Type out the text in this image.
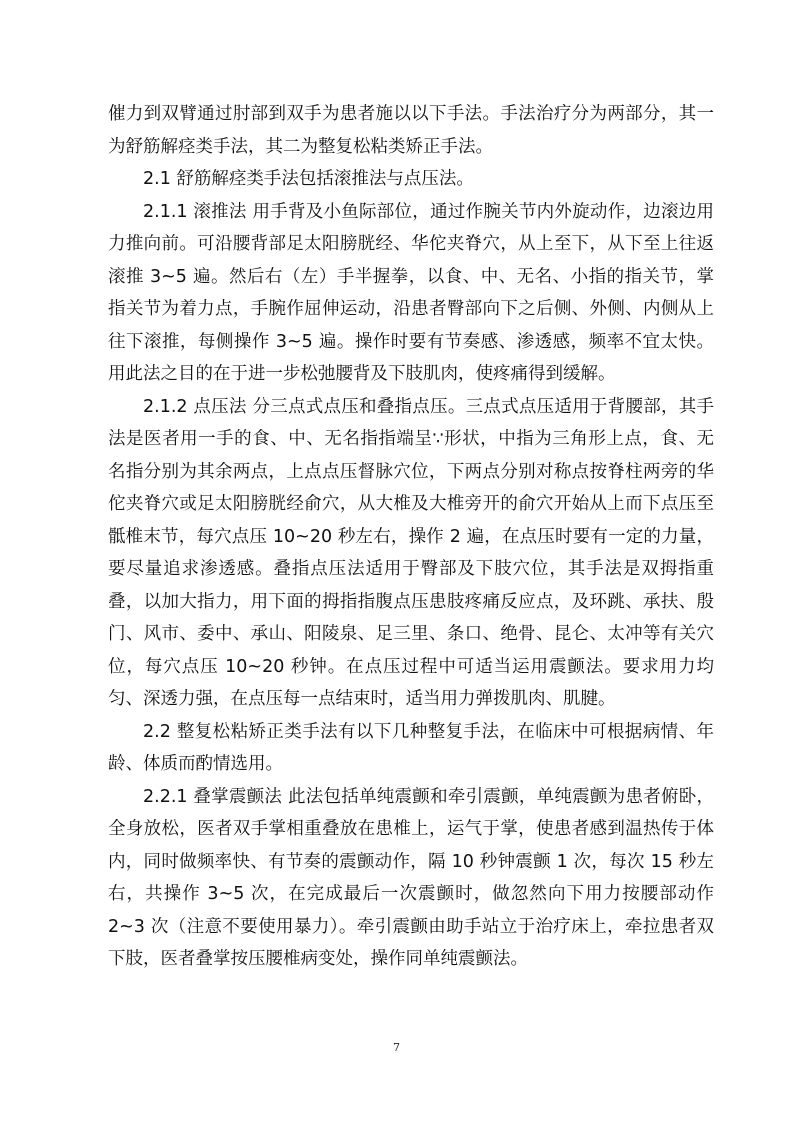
催力到双臂通过肘部到双手为患者施以以下手法。手法治疗分为两部分，其一为舒筋解痉类手法，其二为整复松粘类矫正手法。

2.1 舒筋解痉类手法包括滚推法与点压法。

2.1.1 滚推法 用手背及小鱼际部位，通过作腕关节内外旋动作，边滚边用力推向前。可沿腰背部足太阳膀胱经、华佗夹脊穴，从上至下，从下至上往返滚推 3~5 遍。然后右（左）手半握拳，以食、中、无名、小指的指关节，掌指关节为着力点，手腕作屈伸运动，沿患者臀部向下之后侧、外侧、内侧从上往下滚推，每侧操作 3~5 遍。操作时要有节奏感、渗透感，频率不宜太快。用此法之目的在于进一步松弛腰背及下肢肌肉，使疼痛得到缓解。

2.1.2 点压法 分三点式点压和叠指点压。三点式点压适用于背腰部，其手法是医者用一手的食、中、无名指指端呈∵形状，中指为三角形上点，食、无名指分别为其余两点，上点点压督脉穴位，下两点分别对称点按脊柱两旁的华佗夹脊穴或足太阳膀胱经俞穴，从大椎及大椎旁开的俞穴开始从上而下点压至骶椎末节，每穴点压 10~20 秒左右，操作 2 遍，在点压时要有一定的力量，要尽量追求渗透感。叠指点压法适用于臀部及下肢穴位，其手法是双拇指重叠，以加大指力，用下面的拇指指腹点压患肢疼痛反应点，及环跳、承扶、殷门、风市、委中、承山、阳陵泉、足三里、条口、绝骨、昆仑、太冲等有关穴位，每穴点压 10~20 秒钟。在点压过程中可适当运用震颤法。要求用力均匀、深透力强，在点压每一点结束时，适当用力弹拨肌肉、肌腱。

2.2 整复松粘矫正类手法有以下几种整复手法，在临床中可根据病情、年龄、体质而酌情选用。

2.2.1 叠掌震颤法 此法包括单纯震颤和牵引震颤，单纯震颤为患者俯卧，全身放松，医者双手掌相重叠放在患椎上，运气于掌，使患者感到温热传于体内，同时做频率快、有节奏的震颤动作，隔 10 秒钟震颤 1 次，每次 15 秒左右，共操作 3~5 次，在完成最后一次震颤时，做忽然向下用力按腰部动作 2~3 次（注意不要使用暴力）。牵引震颤由助手站立于治疗床上，牵拉患者双下肢，医者叠掌按压腰椎病变处，操作同单纯震颤法。

7
